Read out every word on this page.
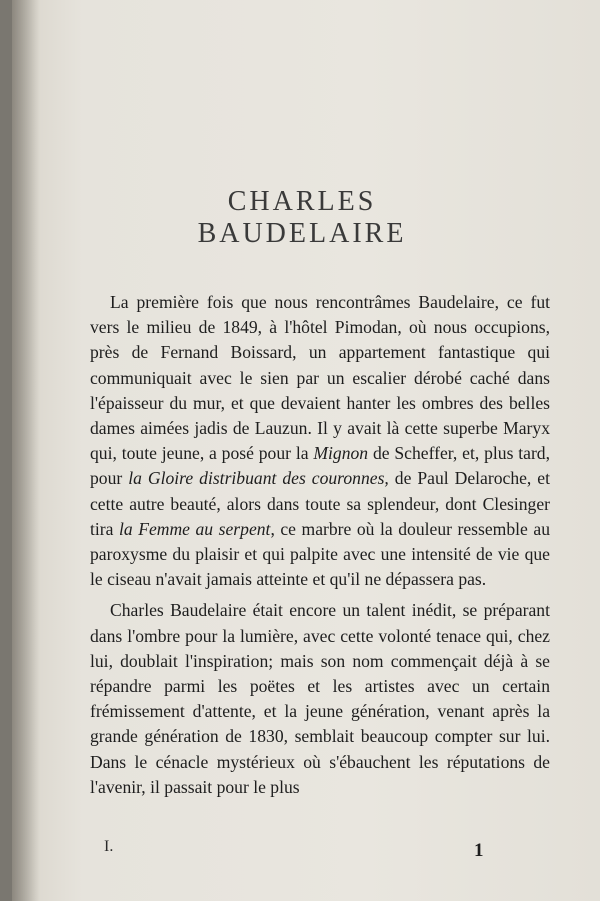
CHARLES BAUDELAIRE

La première fois que nous rencontrâmes Baudelaire, ce fut vers le milieu de 1849, à l'hôtel Pimodan, où nous occupions, près de Fernand Boissard, un appartement fantastique qui communiquait avec le sien par un escalier dérobé caché dans l'épaisseur du mur, et que devaient hanter les ombres des belles dames aimées jadis de Lauzun. Il y avait là cette superbe Maryx qui, toute jeune, a posé pour la Mignon de Scheffer, et, plus tard, pour la Gloire distribuant des couronnes, de Paul Delaroche, et cette autre beauté, alors dans toute sa splendeur, dont Clesinger tira la Femme au serpent, ce marbre où la douleur ressemble au paroxysme du plaisir et qui palpite avec une intensité de vie que le ciseau n'avait jamais atteinte et qu'il ne dépassera pas.

Charles Baudelaire était encore un talent inédit, se préparant dans l'ombre pour la lumière, avec cette volonté tenace qui, chez lui, doublait l'inspiration; mais son nom commençait déjà à se répandre parmi les poëtes et les artistes avec un certain frémissement d'attente, et la jeune génération, venant après la grande génération de 1830, semblait beaucoup compter sur lui. Dans le cénacle mystérieux où s'ébauchent les réputations de l'avenir, il passait pour le plus

I.	1
